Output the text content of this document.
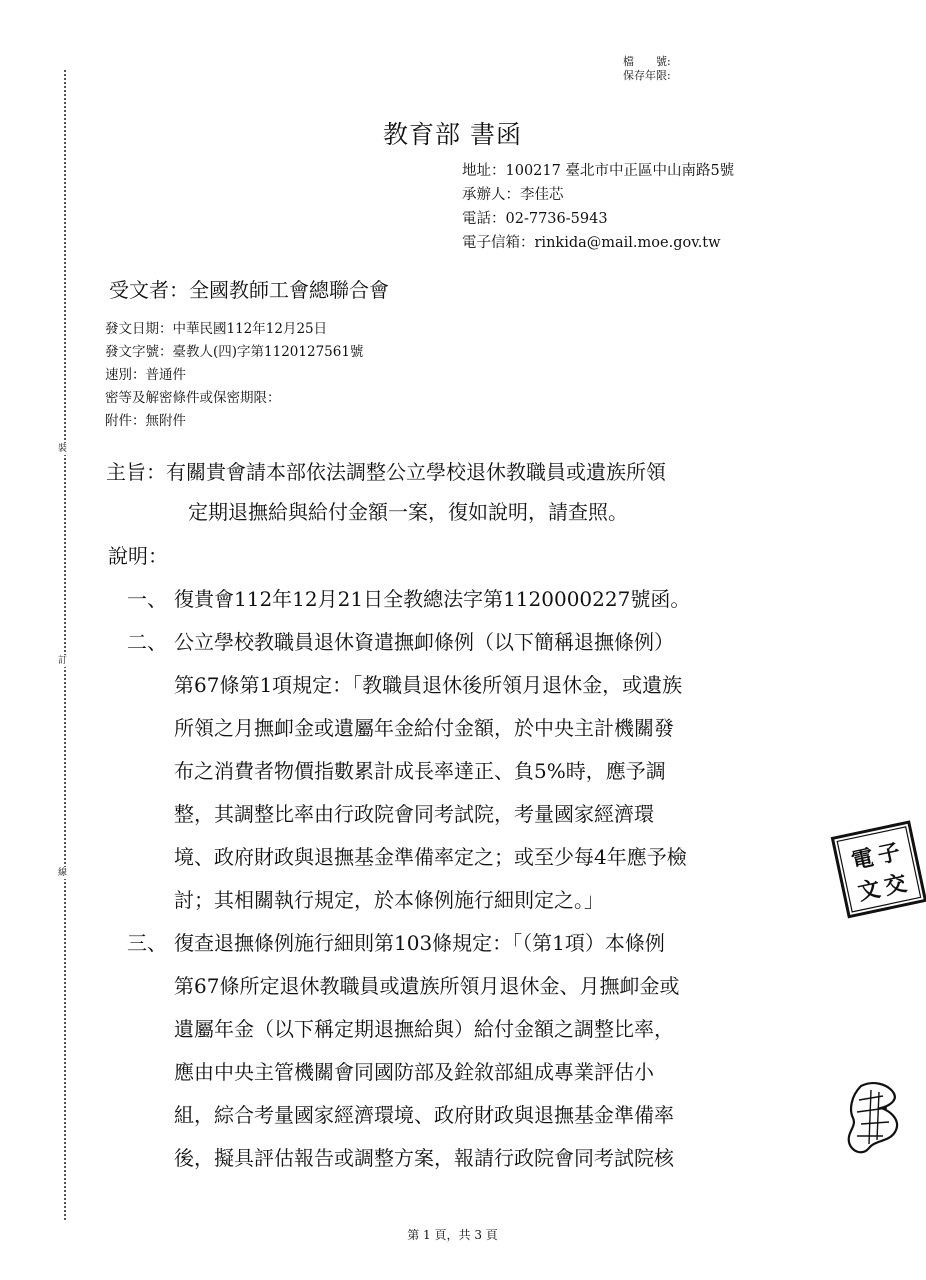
裝
訂
線
檔　　號:
保存年限:
教育部 書函
地址：100217 臺北市中正區中山南路5號
承辦人：李佳芯
電話：02-7736-5943
電子信箱：rinkida@mail.moe.gov.tw
受文者：全國教師工會總聯合會
發文日期：中華民國112年12月25日
發文字號：臺教人(四)字第1120127561號
速別：普通件
密等及解密條件或保密期限：
附件：無附件
主旨：有關貴會請本部依法調整公立學校退休教職員或遺族所領
定期退撫給與給付金額一案，復如說明，請查照。
說明：
一、 復貴會112年12月21日全教總法字第1120000227號函。
二、 公立學校教職員退休資遣撫卹條例（以下簡稱退撫條例）
第67條第1項規定：「教職員退休後所領月退休金，或遺族
所領之月撫卹金或遺屬年金給付金額，於中央主計機關發
布之消費者物價指數累計成長率達正、負5%時，應予調
整，其調整比率由行政院會同考試院，考量國家經濟環
境、政府財政與退撫基金準備率定之；或至少每4年應予檢
討；其相關執行規定，於本條例施行細則定之。」
三、 復查退撫條例施行細則第103條規定：「（第1項）本條例
第67條所定退休教職員或遺族所領月退休金、月撫卹金或
遺屬年金（以下稱定期退撫給與）給付金額之調整比率，
應由中央主管機關會同國防部及銓敘部組成專業評估小
組，綜合考量國家經濟環境、政府財政與退撫基金準備率
後，擬具評估報告或調整方案，報請行政院會同考試院核
電 子
文 交
第 1 頁，共 3 頁
